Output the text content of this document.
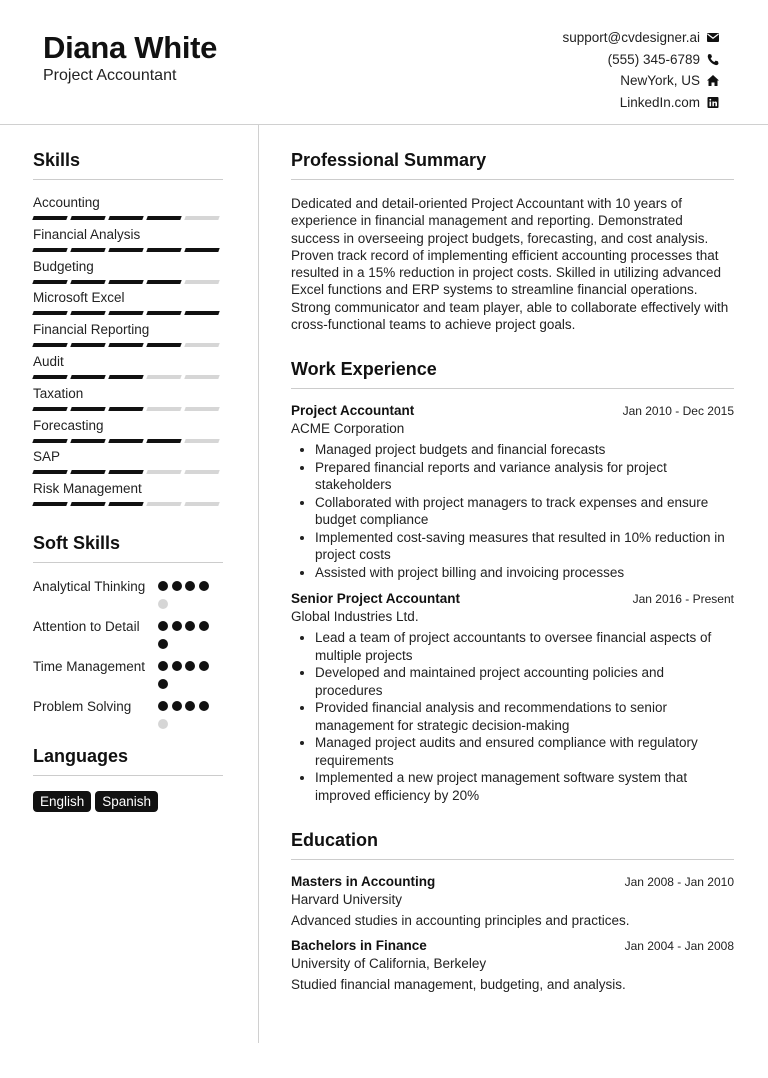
Diana White
Project Accountant
support@cvdesigner.ai
(555) 345-6789
NewYork, US
LinkedIn.com
Skills
Accounting
Financial Analysis
Budgeting
Microsoft Excel
Financial Reporting
Audit
Taxation
Forecasting
SAP
Risk Management
Soft Skills
Analytical Thinking
Attention to Detail
Time Management
Problem Solving
Languages
English	Spanish
Professional Summary

Dedicated and detail-oriented Project Accountant with 10 years of experience in financial management and reporting. Demonstrated success in overseeing project budgets, forecasting, and cost analysis. Proven track record of implementing efficient accounting processes that resulted in a 15% reduction in project costs. Skilled in utilizing advanced Excel functions and ERP systems to streamline financial operations. Strong communicator and team player, able to collaborate effectively with cross-functional teams to achieve project goals.

Work Experience
Project Accountant	Jan 2010 - Dec 2015
ACME Corporation
• Managed project budgets and financial forecasts
• Prepared financial reports and variance analysis for project stakeholders
• Collaborated with project managers to track expenses and ensure budget compliance
• Implemented cost-saving measures that resulted in 10% reduction in project costs
• Assisted with project billing and invoicing processes
Senior Project Accountant	Jan 2016 - Present
Global Industries Ltd.
• Lead a team of project accountants to oversee financial aspects of multiple projects
• Developed and maintained project accounting policies and procedures
• Provided financial analysis and recommendations to senior management for strategic decision-making
• Managed project audits and ensured compliance with regulatory requirements
• Implemented a new project management software system that improved efficiency by 20%
Education
Masters in Accounting	Jan 2008 - Jan 2010
Harvard University
Advanced studies in accounting principles and practices.
Bachelors in Finance	Jan 2004 - Jan 2008
University of California, Berkeley
Studied financial management, budgeting, and analysis.
